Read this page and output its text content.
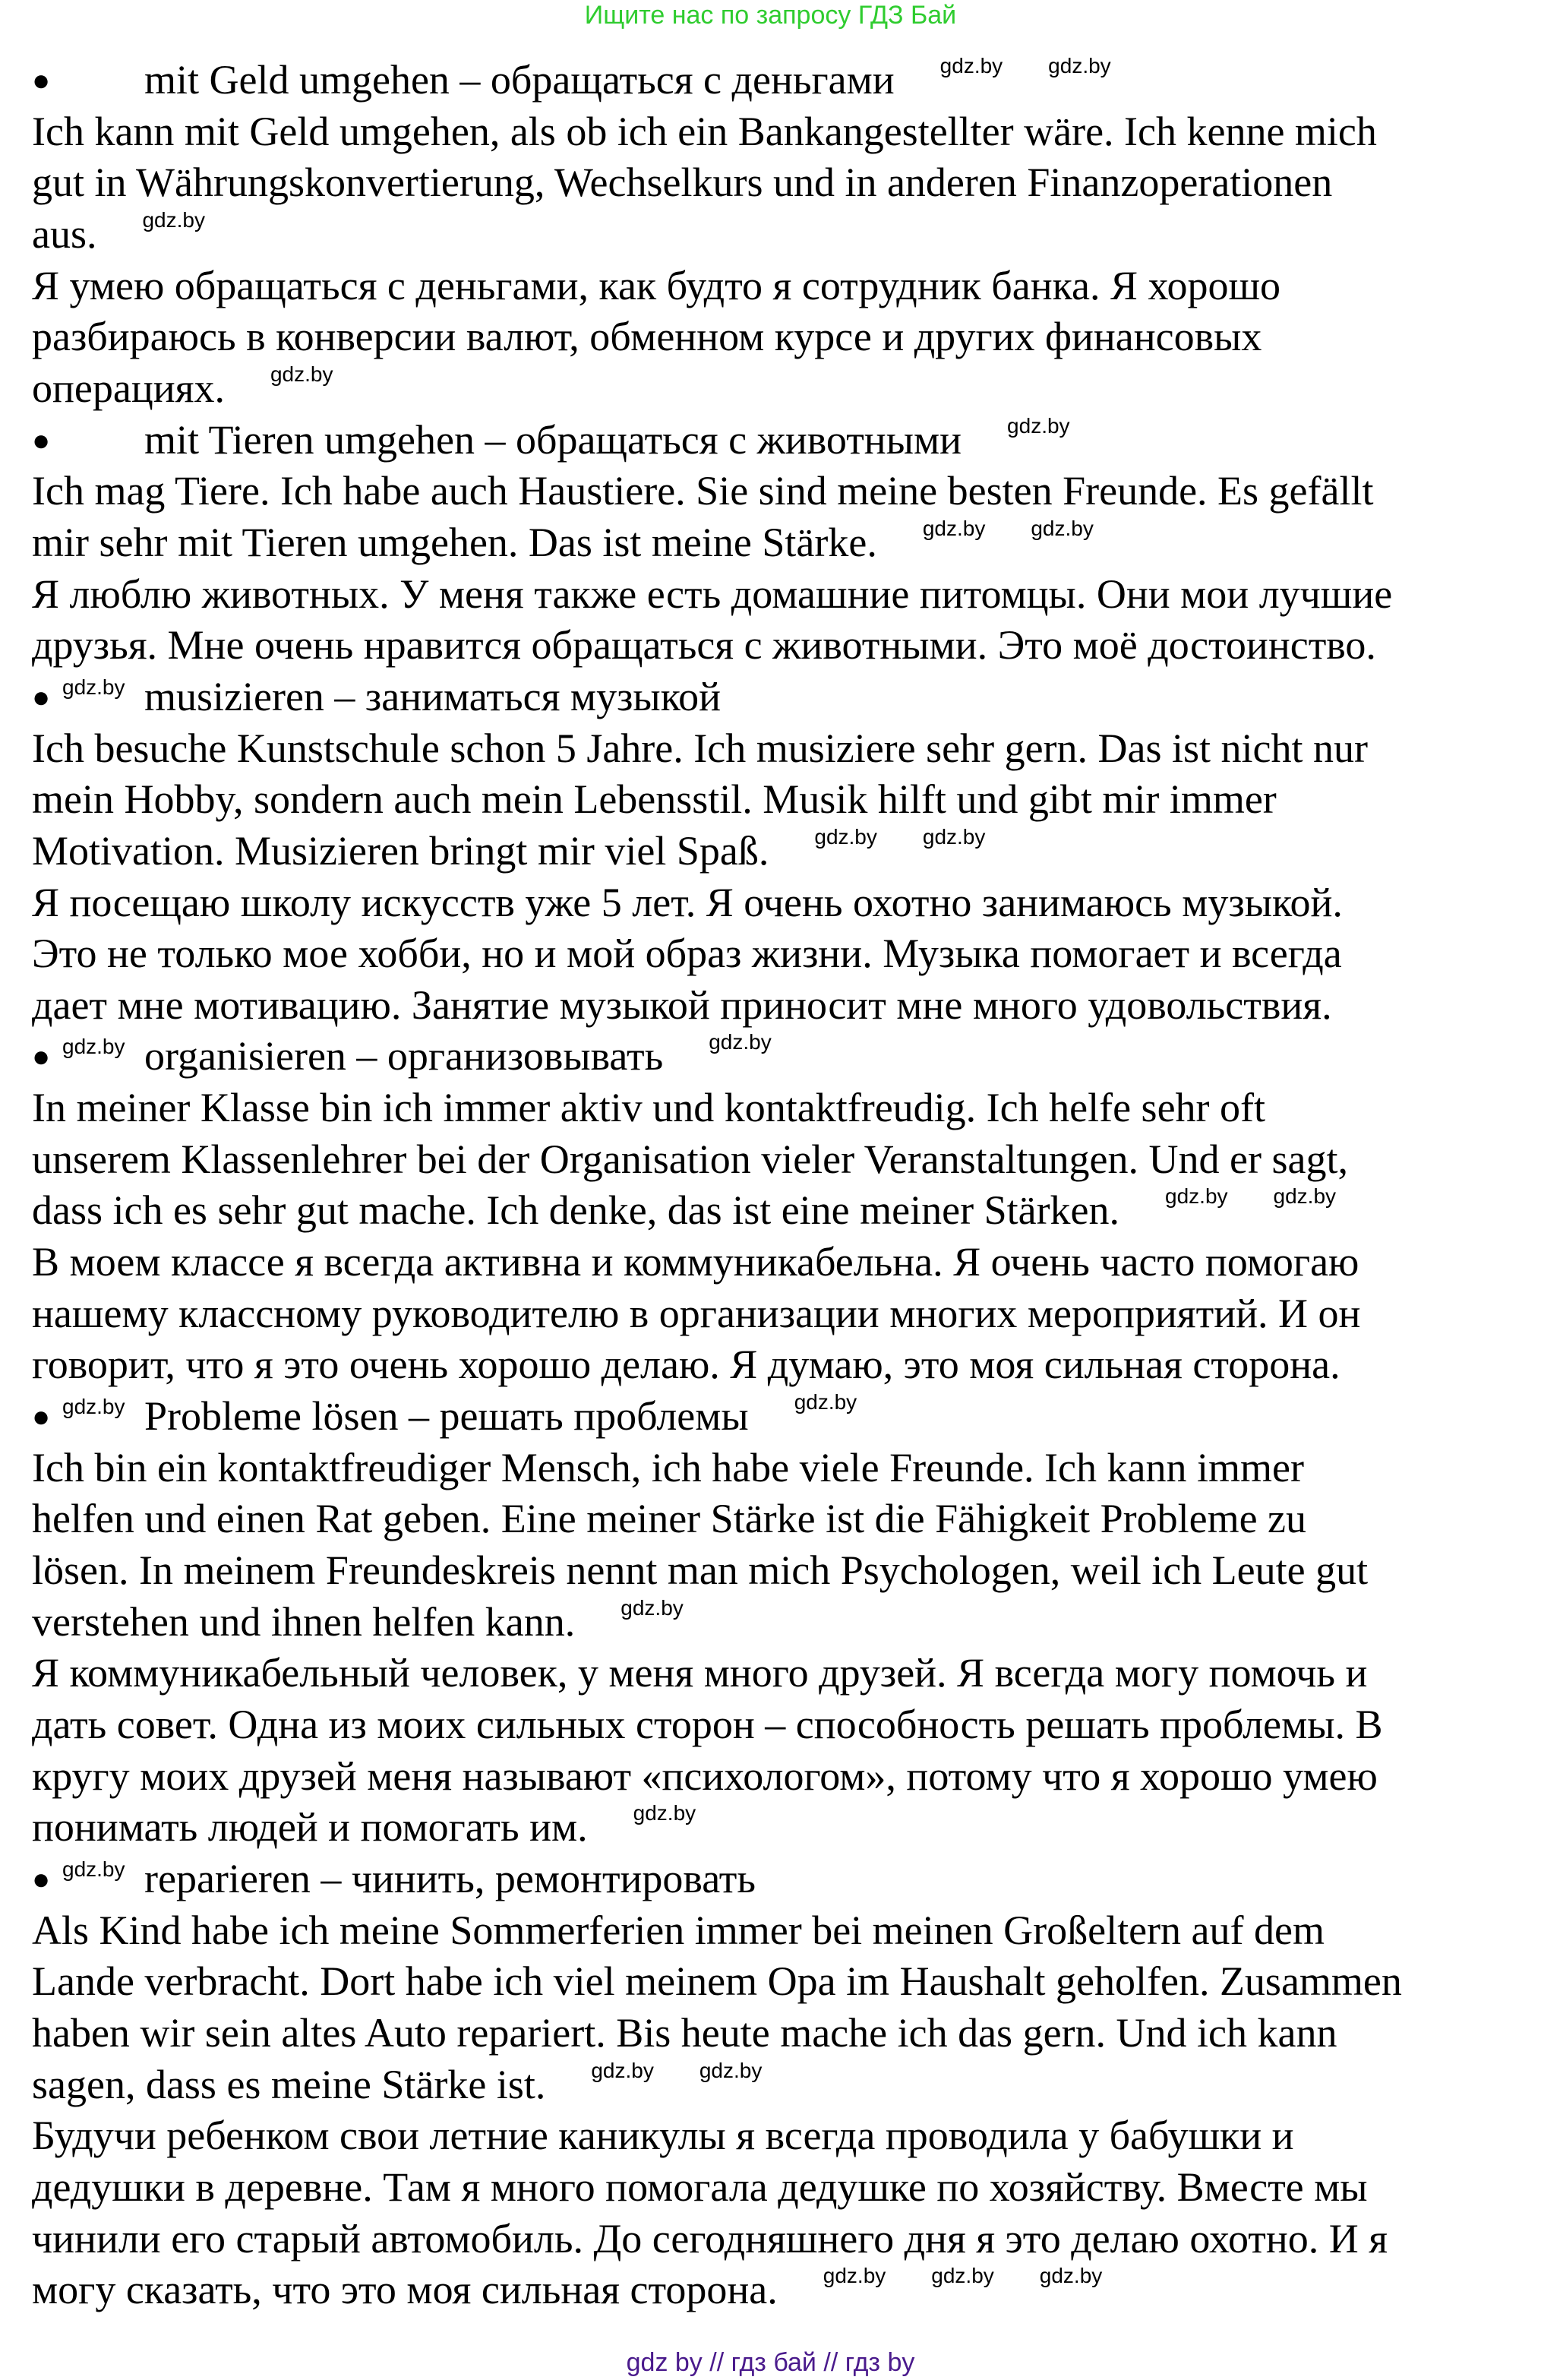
Ищите нас по запросу ГДЗ Бай
● mit Geld umgehen – обращаться с деньгами gdz.by gdz.by
Ich kann mit Geld umgehen, als ob ich ein Bankangestellter wäre. Ich kenne mich
gut in Währungskonvertierung, Wechselkurs und in anderen Finanzoperationen
aus. gdz.by
Я умею обращаться с деньгами, как будто я сотрудник банка. Я хорошо
разбираюсь в конверсии валют, обменном курсе и других финансовых
операциях. gdz.by
● mit Tieren umgehen – обращаться с животными gdz.by
Ich mag Tiere. Ich habe auch Haustiere. Sie sind meine besten Freunde. Es gefällt
mir sehr mit Tieren umgehen. Das ist meine Stärke. gdz.by gdz.by
Я люблю животных. У меня также есть домашние питомцы. Они мои лучшие
друзья. Мне очень нравится обращаться с животными. Это моё достоинство.
● gdz.by musizieren – заниматься музыкой
Ich besuche Kunstschule schon 5 Jahre. Ich musiziere sehr gern. Das ist nicht nur
mein Hobby, sondern auch mein Lebensstil. Musik hilft und gibt mir immer
Motivation. Musizieren bringt mir viel Spaß. gdz.by gdz.by
Я посещаю школу искусств уже 5 лет. Я очень охотно занимаюсь музыкой.
Это не только мое хобби, но и мой образ жизни. Музыка помогает и всегда
дает мне мотивацию. Занятие музыкой приносит мне много удовольствия.
● gdz.by organisieren – организовывать gdz.by
In meiner Klasse bin ich immer aktiv und kontaktfreudig. Ich helfe sehr oft
unserem Klassenlehrer bei der Organisation vieler Veranstaltungen. Und er sagt,
dass ich es sehr gut mache. Ich denke, das ist eine meiner Stärken. gdz.by gdz.by
В моем классе я всегда активна и коммуникабельна. Я очень часто помогаю
нашему классному руководителю в организации многих мероприятий. И он
говорит, что я это очень хорошо делаю. Я думаю, это моя сильная сторона.
● gdz.by Probleme lösen – решать проблемы gdz.by
Ich bin ein kontaktfreudiger Mensch, ich habe viele Freunde. Ich kann immer
helfen und einen Rat geben. Eine meiner Stärke ist die Fähigkeit Probleme zu
lösen. In meinem Freundeskreis nennt man mich Psychologen, weil ich Leute gut
verstehen und ihnen helfen kann. gdz.by
Я коммуникабельный человек, у меня много друзей. Я всегда могу помочь и
дать совет. Одна из моих сильных сторон – способность решать проблемы. В
кругу моих друзей меня называют «психологом», потому что я хорошо умею
понимать людей и помогать им. gdz.by
● gdz.by reparieren – чинить, ремонтировать
Als Kind habe ich meine Sommerferien immer bei meinen Großeltern auf dem
Lande verbracht. Dort habe ich viel meinem Opa im Haushalt geholfen. Zusammen
haben wir sein altes Auto repariert. Bis heute mache ich das gern. Und ich kann
sagen, dass es meine Stärke ist. gdz.by gdz.by
Будучи ребенком свои летние каникулы я всегда проводила у бабушки и
дедушки в деревне. Там я много помогала дедушке по хозяйству. Вместе мы
чинили его старый автомобиль. До сегодняшнего дня я это делаю охотно. И я
могу сказать, что это моя сильная сторона. gdz.by gdz.by gdz.by
gdz by // гдз бай // гдз by
